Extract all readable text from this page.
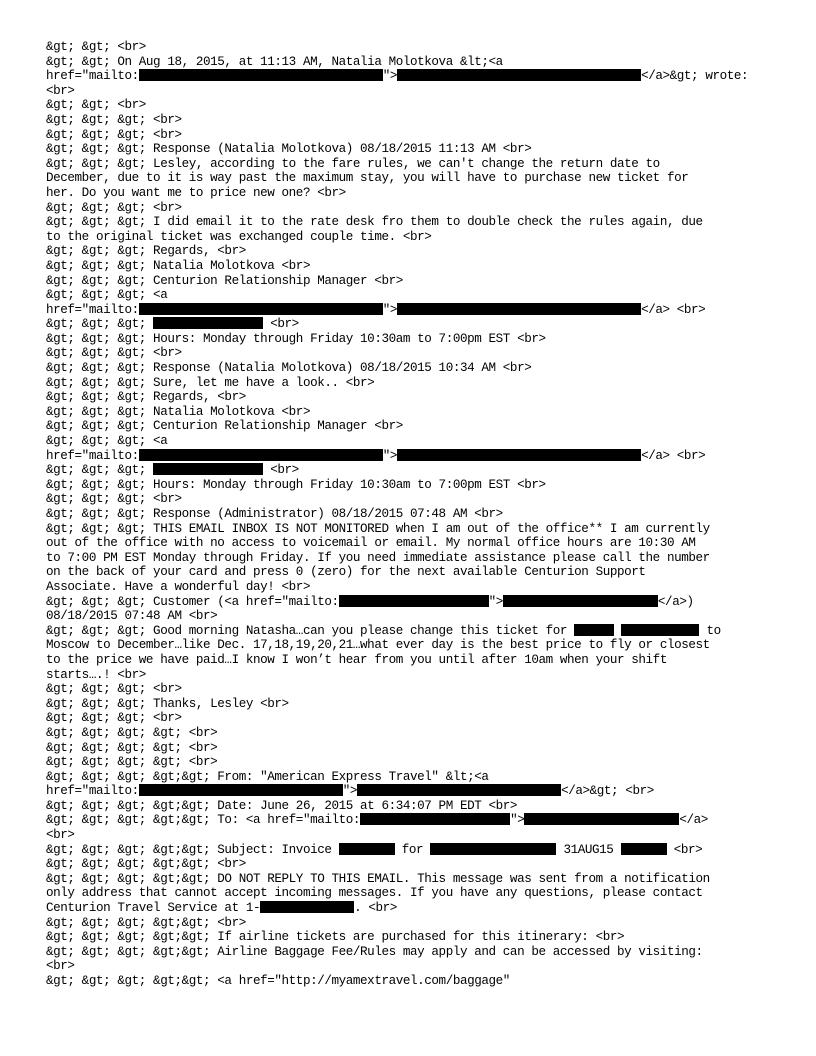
&gt; &gt; <br>
&gt; &gt; On Aug 18, 2015, at 11:13 AM, Natalia Molotkova &lt;<a
href="mailto:	">	</a>&gt; wrote:
<br>
&gt; &gt; <br>
&gt; &gt; &gt; <br>
&gt; &gt; &gt; <br>
&gt; &gt; &gt; Response (Natalia Molotkova) 08/18/2015 11:13 AM <br>
&gt; &gt; &gt; Lesley, according to the fare rules, we can't change the return date to
December, due to it is way past the maximum stay, you will have to purchase new ticket for
her. Do you want me to price new one? <br>
&gt; &gt; &gt; <br>
&gt; &gt; &gt; I did email it to the rate desk fro them to double check the rules again, due
to the original ticket was exchanged couple time. <br>
&gt; &gt; &gt; Regards, <br>
&gt; &gt; &gt; Natalia Molotkova <br>
&gt; &gt; &gt; Centurion Relationship Manager <br>
&gt; &gt; &gt; <a
href="mailto:	">	</a> <br>
&gt; &gt; &gt;	<br>
&gt; &gt; &gt; Hours: Monday through Friday 10:30am to 7:00pm EST <br>
&gt; &gt; &gt; <br>
&gt; &gt; &gt; Response (Natalia Molotkova) 08/18/2015 10:34 AM <br>
&gt; &gt; &gt; Sure, let me have a look.. <br>
&gt; &gt; &gt; Regards, <br>
&gt; &gt; &gt; Natalia Molotkova <br>
&gt; &gt; &gt; Centurion Relationship Manager <br>
&gt; &gt; &gt; <a
href="mailto:	">	</a> <br>
&gt; &gt; &gt;	<br>
&gt; &gt; &gt; Hours: Monday through Friday 10:30am to 7:00pm EST <br>
&gt; &gt; &gt; <br>
&gt; &gt; &gt; Response (Administrator) 08/18/2015 07:48 AM <br>
&gt; &gt; &gt; THIS EMAIL INBOX IS NOT MONITORED when I am out of the office** I am currently
out of the office with no access to voicemail or email. My normal office hours are 10:30 AM
to 7:00 PM EST Monday through Friday. If you need immediate assistance please call the number
on the back of your card and press 0 (zero) for the next available Centurion Support
Associate. Have a wonderful day! <br>
&gt; &gt; &gt; Customer (<a href="mailto:	">	</a>)
08/18/2015 07:48 AM <br>
&gt; &gt; &gt; Good morning Natasha…can you please change this ticket for	to
Moscow to December…like Dec. 17,18,19,20,21…what ever day is the best price to fly or closest
to the price we have paid…I know I won’t hear from you until after 10am when your shift
starts….! <br>
&gt; &gt; &gt; <br>
&gt; &gt; &gt; Thanks, Lesley <br>
&gt; &gt; &gt; <br>
&gt; &gt; &gt; &gt; <br>
&gt; &gt; &gt; &gt; <br>
&gt; &gt; &gt; &gt; <br>
&gt; &gt; &gt; &gt;&gt; From: "American Express Travel" &lt;<a
href="mailto:	">	</a>&gt; <br>
&gt; &gt; &gt; &gt;&gt; Date: June 26, 2015 at 6:34:07 PM EDT <br>
&gt; &gt; &gt; &gt;&gt; To: <a href="mailto:	">	</a>
<br>
&gt; &gt; &gt; &gt;&gt; Subject: Invoice	for	31AUG15	<br>
&gt; &gt; &gt; &gt;&gt; <br>
&gt; &gt; &gt; &gt;&gt; DO NOT REPLY TO THIS EMAIL. This message was sent from a notification
only address that cannot accept incoming messages. If you have any questions, please contact
Centurion Travel Service at 1-	. <br>
&gt; &gt; &gt; &gt;&gt; <br>
&gt; &gt; &gt; &gt;&gt; If airline tickets are purchased for this itinerary: <br>
&gt; &gt; &gt; &gt;&gt; Airline Baggage Fee/Rules may apply and can be accessed by visiting:
<br>
&gt; &gt; &gt; &gt;&gt; <a href="http://myamextravel.com/baggage"
